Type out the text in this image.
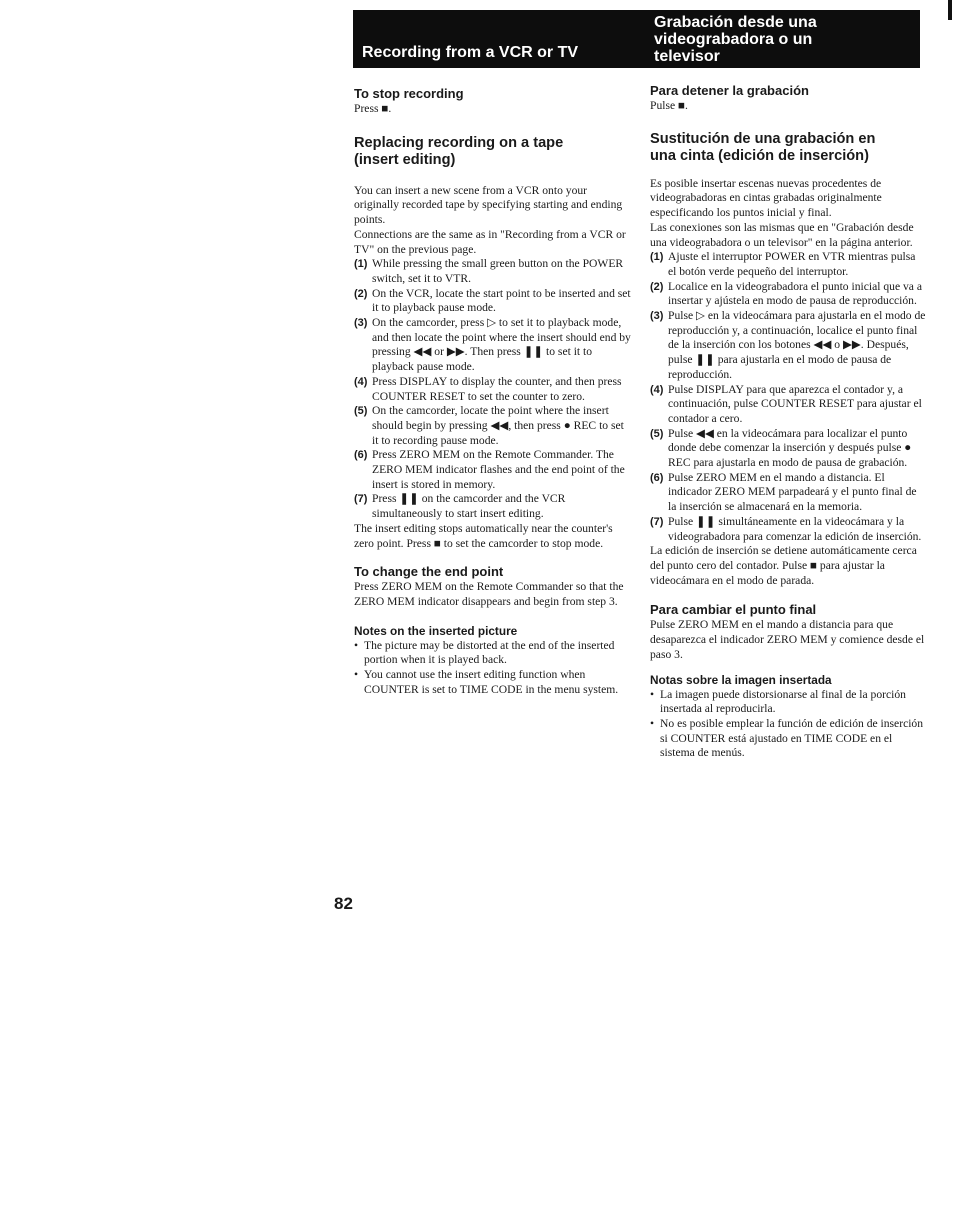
Recording from a VCR or TV
Grabación desde una
videograbadora o un
televisor
To stop recording

Press ■.

Replacing recording on a tape
(insert editing)

You can insert a new scene from a VCR onto your originally recorded tape by specifying starting and ending points.

Connections are the same as in "Recording from a VCR or TV" on the previous page.

(1) While pressing the small green button on the POWER switch, set it to VTR.
(2) On the VCR, locate the start point to be inserted and set it to playback pause mode.
(3) On the camcorder, press ▷ to set it to playback mode, and then locate the point where the insert should end by pressing ◀◀ or ▶▶. Then press ❚❚ to set it to playback pause mode.
(4) Press DISPLAY to display the counter, and then press COUNTER RESET to set the counter to zero.
(5) On the camcorder, locate the point where the insert should begin by pressing ◀◀, then press ● REC to set it to recording pause mode.
(6) Press ZERO MEM on the Remote Commander. The ZERO MEM indicator flashes and the end point of the insert is stored in memory.
(7) Press ❚❚ on the camcorder and the VCR simultaneously to start insert editing.

The insert editing stops automatically near the counter's zero point. Press ■ to set the camcorder to stop mode.

To change the end point

Press ZERO MEM on the Remote Commander so that the ZERO MEM indicator disappears and begin from step 3.

Notes on the inserted picture
• The picture may be distorted at the end of the inserted portion when it is played back.
• You cannot use the insert editing function when COUNTER is set to TIME CODE in the menu system.
Para detener la grabación

Pulse ■.

Sustitución de una grabación en
una cinta (edición de inserción)

Es posible insertar escenas nuevas procedentes de videograbadoras en cintas grabadas originalmente especificando los puntos inicial y final.

Las conexiones son las mismas que en "Grabación desde una videograbadora o un televisor" en la página anterior.

(1) Ajuste el interruptor POWER en VTR mientras pulsa el botón verde pequeño del interruptor.
(2) Localice en la videograbadora el punto inicial que va a insertar y ajústela en modo de pausa de reproducción.
(3) Pulse ▷ en la videocámara para ajustarla en el modo de reproducción y, a continuación, localice el punto final de la inserción con los botones ◀◀ o ▶▶. Después, pulse ❚❚ para ajustarla en el modo de pausa de reproducción.
(4) Pulse DISPLAY para que aparezca el contador y, a continuación, pulse COUNTER RESET para ajustar el contador a cero.
(5) Pulse ◀◀ en la videocámara para localizar el punto donde debe comenzar la inserción y después pulse ● REC para ajustarla en modo de pausa de grabación.
(6) Pulse ZERO MEM en el mando a distancia. El indicador ZERO MEM parpadeará y el punto final de la inserción se almacenará en la memoria.
(7) Pulse ❚❚ simultáneamente en la videocámara y la videograbadora para comenzar la edición de inserción.

La edición de inserción se detiene automáticamente cerca del punto cero del contador. Pulse ■ para ajustar la videocámara en el modo de parada.

Para cambiar el punto final

Pulse ZERO MEM en el mando a distancia para que desaparezca el indicador ZERO MEM y comience desde el paso 3.

Notas sobre la imagen insertada
• La imagen puede distorsionarse al final de la porción insertada al reproducirla.
• No es posible emplear la función de edición de inserción si COUNTER está ajustado en TIME CODE en el sistema de menús.
82
